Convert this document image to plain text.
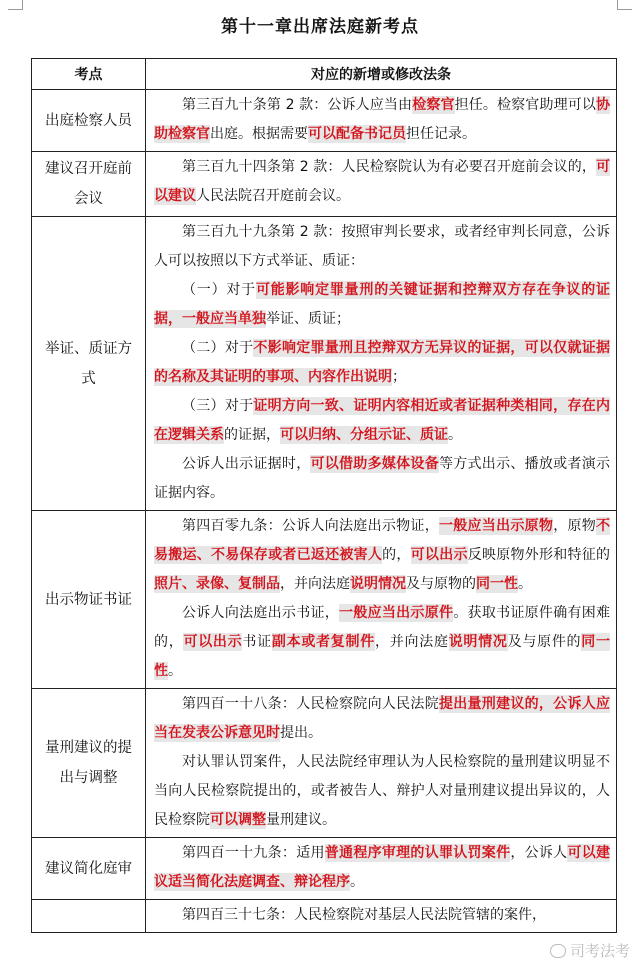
第十一章出席法庭新考点
考点	对应的新增或修改法条
出庭检察人员	第三百九十条第 2 款：公诉人应当由检察官担任。检察官助理可以协助检察官出庭。根据需要可以配备书记员担任记录。

建议召开庭前会议	第三百九十四条第 2 款：人民检察院认为有必要召开庭前会议的，可以建议人民法院召开庭前会议。

举证、质证方式	第三百九十九条第 2 款：按照审判长要求，或者经审判长同意，公诉人可以按照以下方式举证、质证：

（一）对于可能影响定罪量刑的关键证据和控辩双方存在争议的证据，一般应当单独举证、质证；

（二）对于不影响定罪量刑且控辩双方无异议的证据，可以仅就证据的名称及其证明的事项、内容作出说明；

（三）对于证明方向一致、证明内容相近或者证据种类相同，存在内在逻辑关系的证据，可以归纳、分组示证、质证。

公诉人出示证据时，可以借助多媒体设备等方式出示、播放或者演示证据内容。

出示物证书证	第四百零九条：公诉人向法庭出示物证，一般应当出示原物，原物不易搬运、不易保存或者已返还被害人的，可以出示反映原物外形和特征的照片、录像、复制品，并向法庭说明情况及与原物的同一性。

公诉人向法庭出示书证，一般应当出示原件。获取书证原件确有困难的，可以出示书证副本或者复制件，并向法庭说明情况及与原件的同一性。

量刑建议的提出与调整	第四百一十八条：人民检察院向人民法院提出量刑建议的，公诉人应当在发表公诉意见时提出。

对认罪认罚案件，人民法院经审理认为人民检察院的量刑建议明显不当向人民检察院提出的，或者被告人、辩护人对量刑建议提出异议的，人民检察院可以调整量刑建议。

建议简化庭审	第四百一十九条：适用普通程序审理的认罪认罚案件，公诉人可以建议适当简化法庭调查、辩论程序。

	第四百三十七条：人民检察院对基层人民法院管辖的案件，

司考法考
